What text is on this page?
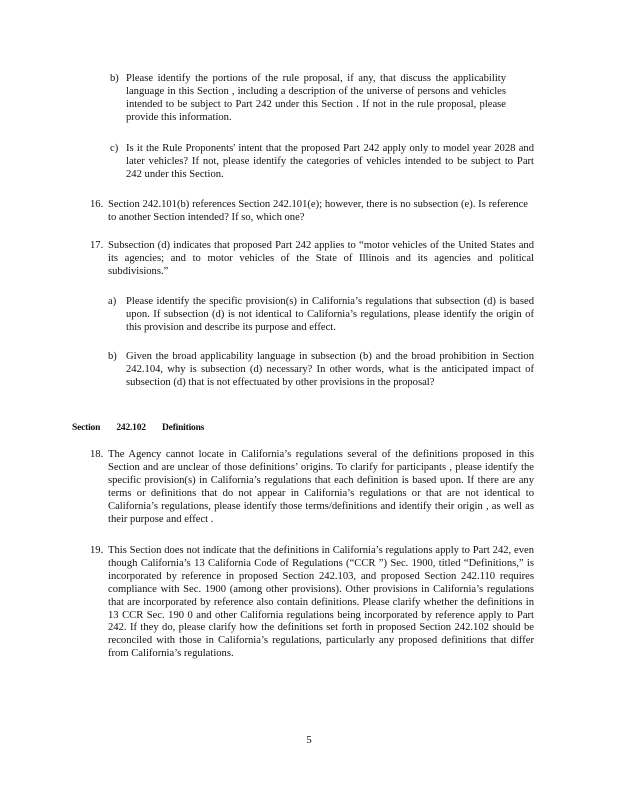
b) Please identify the portions of the rule proposal, if any, that discuss the applicability language in this Section , including a description of the universe of persons and vehicles intended to be subject to Part 242 under this Section . If not in the rule proposal, please provide this information.

c) Is it the Rule Proponents' intent that the proposed Part 242 apply only to model year 2028 and later vehicles? If not, please identify the categories of vehicles intended to be subject to Part 242 under this Section.

16. Section 242.101(b) references Section 242.101(e); however, there is no subsection (e). Is reference to another Section intended? If so, which one?

17. Subsection (d) indicates that proposed Part 242 applies to “motor vehicles of the United States and its agencies; and to motor vehicles of the State of Illinois and its agencies and political subdivisions.”

a) Please identify the specific provision(s) in California’s regulations that subsection (d) is based upon. If subsection (d) is not identical to California’s regulations, please identify the origin of this provision and describe its purpose and effect.

b) Given the broad applicability language in subsection (b) and the broad prohibition in Section 242.104, why is subsection (d) necessary? In other words, what is the anticipated impact of subsection (d) that is not effectuated by other provisions in the proposal?

Section 242.102 Definitions
18. The Agency cannot locate in California’s regulations several of the definitions proposed in this Section and are unclear of those definitions’ origins. To clarify for participants , please identify the specific provision(s) in California’s regulations that each definition is based upon. If there are any terms or definitions that do not appear in California’s regulations or that are not identical to California’s regulations, please identify those terms/definitions and identify their origin , as well as their purpose and effect .

19. This Section does not indicate that the definitions in California’s regulations apply to Part 242, even though California’s 13 California Code of Regulations (“CCR ”) Sec. 1900, titled “Definitions,” is incorporated by reference in proposed Section 242.103, and proposed Section 242.110 requires compliance with Sec. 1900 (among other provisions). Other provisions in California’s regulations that are incorporated by reference also contain definitions. Please clarify whether the definitions in 13 CCR Sec. 190 0 and other California regulations being incorporated by reference apply to Part 242. If they do, please clarify how the definitions set forth in proposed Section 242.102 should be reconciled with those in California’s regulations, particularly any proposed definitions that differ from California’s regulations.

5
